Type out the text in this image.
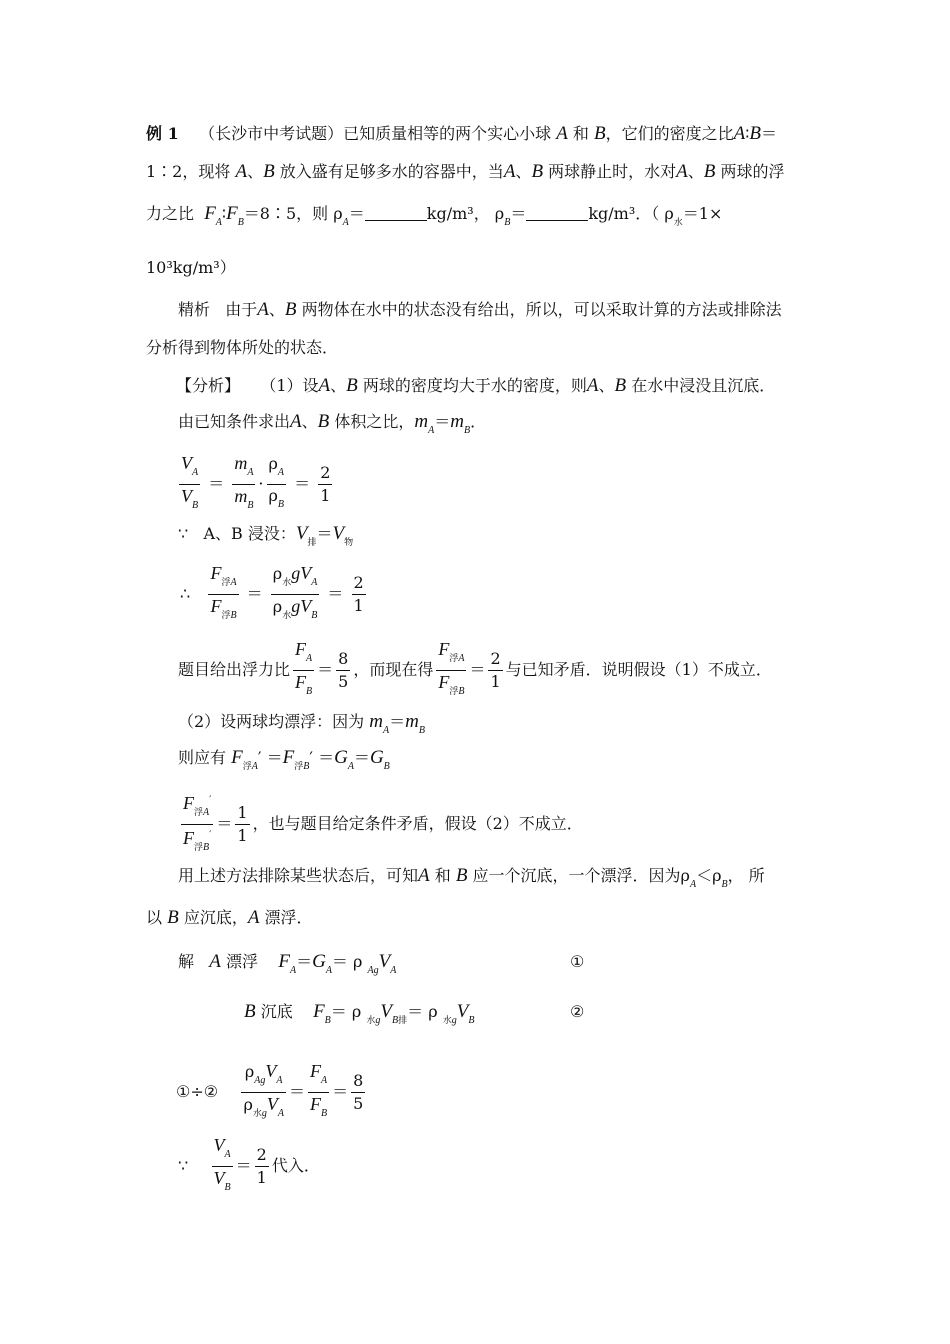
例 1 （长沙市中考试题）已知质量相等的两个实心小球 A 和 B，它们的密度之比A∶B＝
1∶2，现将 A、B 放入盛有足够多水的容器中，当A、B 两球静止时，水对A、B 两球的浮
力之比 $F_A∶F_B=8∶5$，则 $\rho_A=$	kg/m³， $\rho_B=$	kg/m³．（ $\rho_水=1\times$
10³kg/m³）
精析 由于A、B 两物体在水中的状态没有给出，所以，可以采取计算的方法或排除法
分析得到物体所处的状态．
【分析】 （1）设A、B 两球的密度均大于水的密度，则A、B 在水中浸没且沉底．
由已知条件求出A、B 体积之比，$m_A=m_B$．
$\frac{V_A}{V_B} = \frac{m_A}{m_B} \cdot \frac{\rho_A}{\rho_B} = \frac{2}{1}$
∵ A、B 浸没：$V_排=V_物$
∴ $\frac{F_{浮A}}{F_{浮B}} = \frac{\rho_水gV_A}{\rho_水gV_B} = \frac{2}{1}$
题目给出浮力比 $\frac{F_A}{F_B} = \frac{8}{5}$ ，而现在得 $\frac{F_{浮A}}{F_{浮B}} = \frac{2}{1}$ 与已知矛盾．说明假设（1）不成立．
（2）设两球均漂浮：因为 $m_A=m_B$
则应有 $F_{浮A}' =F_{浮B}' =G_A=G_B$
$\frac{F_{浮A}'}{F_{浮B}'} = \frac{1}{1}$ ，也与题目给定条件矛盾，假设（2）不成立．
用上述方法排除某些状态后，可知A 和 B 应一个沉底，一个漂浮．因为$\rho_A<\rho_B$， 所
以 B 应沉底，A 漂浮．
解 A 漂浮 $F_A=G_A= \rho$ $_{Ag}V_A$	①
B 沉底 $F_B= \rho$ $_{水g}V_{B排}= \rho$ $_{水g}V_B$	②
①÷② $\frac{\rho_{Ag}V_A}{\rho_{水g}V_A} = \frac{F_A}{F_B} = \frac{8}{5}$
∵ $\frac{V_A}{V_B} = \frac{2}{1}$ 代入．
